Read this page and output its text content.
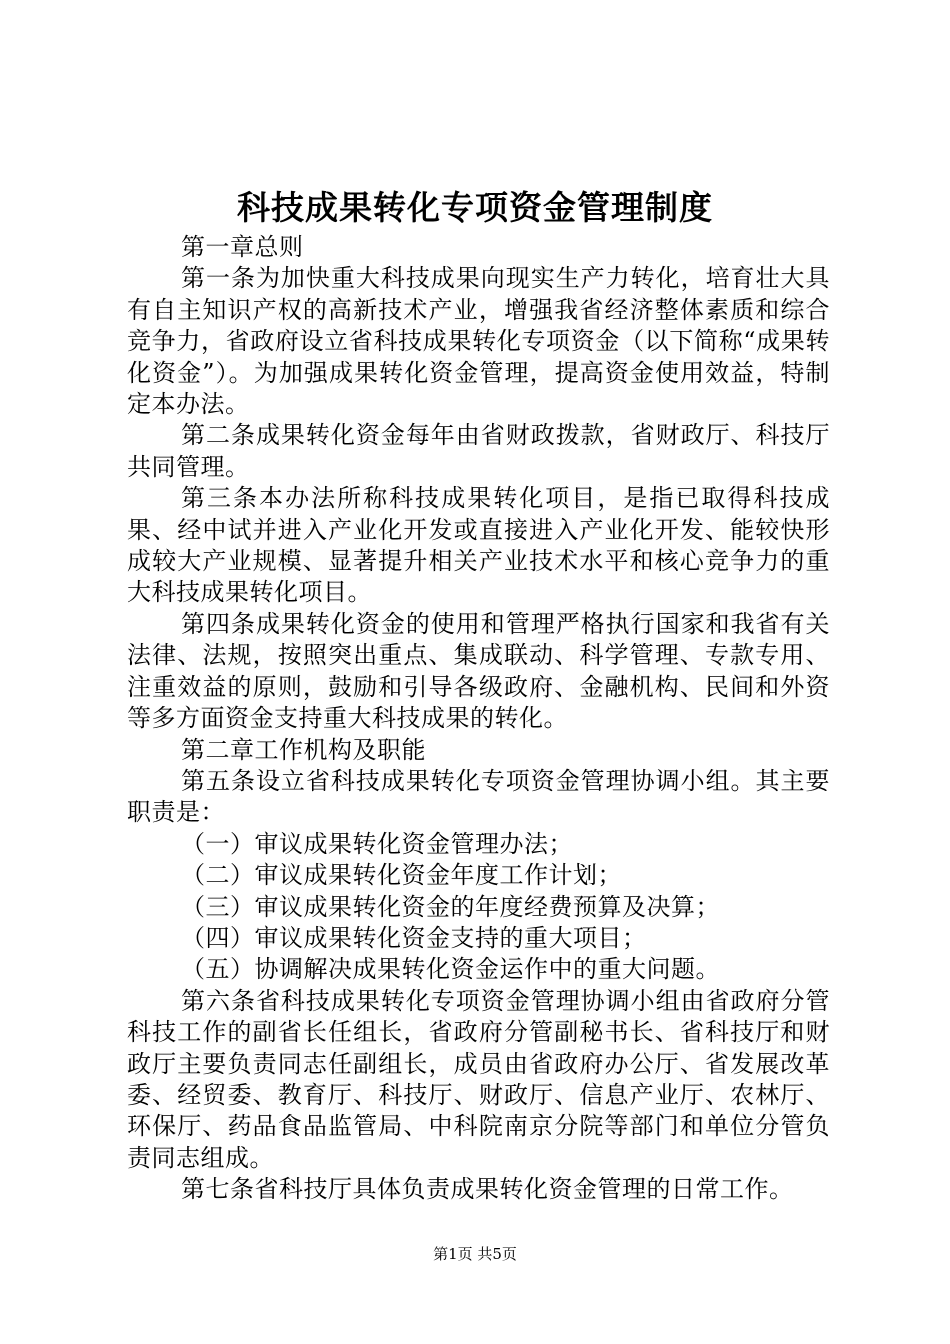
科技成果转化专项资金管理制度

第一章总则

第一条为加快重大科技成果向现实生产力转化，培育壮大具有自主知识产权的高新技术产业，增强我省经济整体素质和综合竞争力，省政府设立省科技成果转化专项资金（以下简称“成果转化资金”）。为加强成果转化资金管理，提高资金使用效益，特制定本办法。

第二条成果转化资金每年由省财政拨款，省财政厅、科技厅共同管理。

第三条本办法所称科技成果转化项目，是指已取得科技成果、经中试并进入产业化开发或直接进入产业化开发、能较快形成较大产业规模、显著提升相关产业技术水平和核心竞争力的重大科技成果转化项目。

第四条成果转化资金的使用和管理严格执行国家和我省有关法律、法规，按照突出重点、集成联动、科学管理、专款专用、注重效益的原则，鼓励和引导各级政府、金融机构、民间和外资等多方面资金支持重大科技成果的转化。

第二章工作机构及职能

第五条设立省科技成果转化专项资金管理协调小组。其主要职责是：

（一）审议成果转化资金管理办法；

（二）审议成果转化资金年度工作计划；

（三）审议成果转化资金的年度经费预算及决算；

（四）审议成果转化资金支持的重大项目；

（五）协调解决成果转化资金运作中的重大问题。

第六条省科技成果转化专项资金管理协调小组由省政府分管科技工作的副省长任组长，省政府分管副秘书长、省科技厅和财政厅主要负责同志任副组长，成员由省政府办公厅、省发展改革委、经贸委、教育厅、科技厅、财政厅、信息产业厅、农林厅、环保厅、药品食品监管局、中科院南京分院等部门和单位分管负责同志组成。

第七条省科技厅具体负责成果转化资金管理的日常工作。

第1页 共5页
